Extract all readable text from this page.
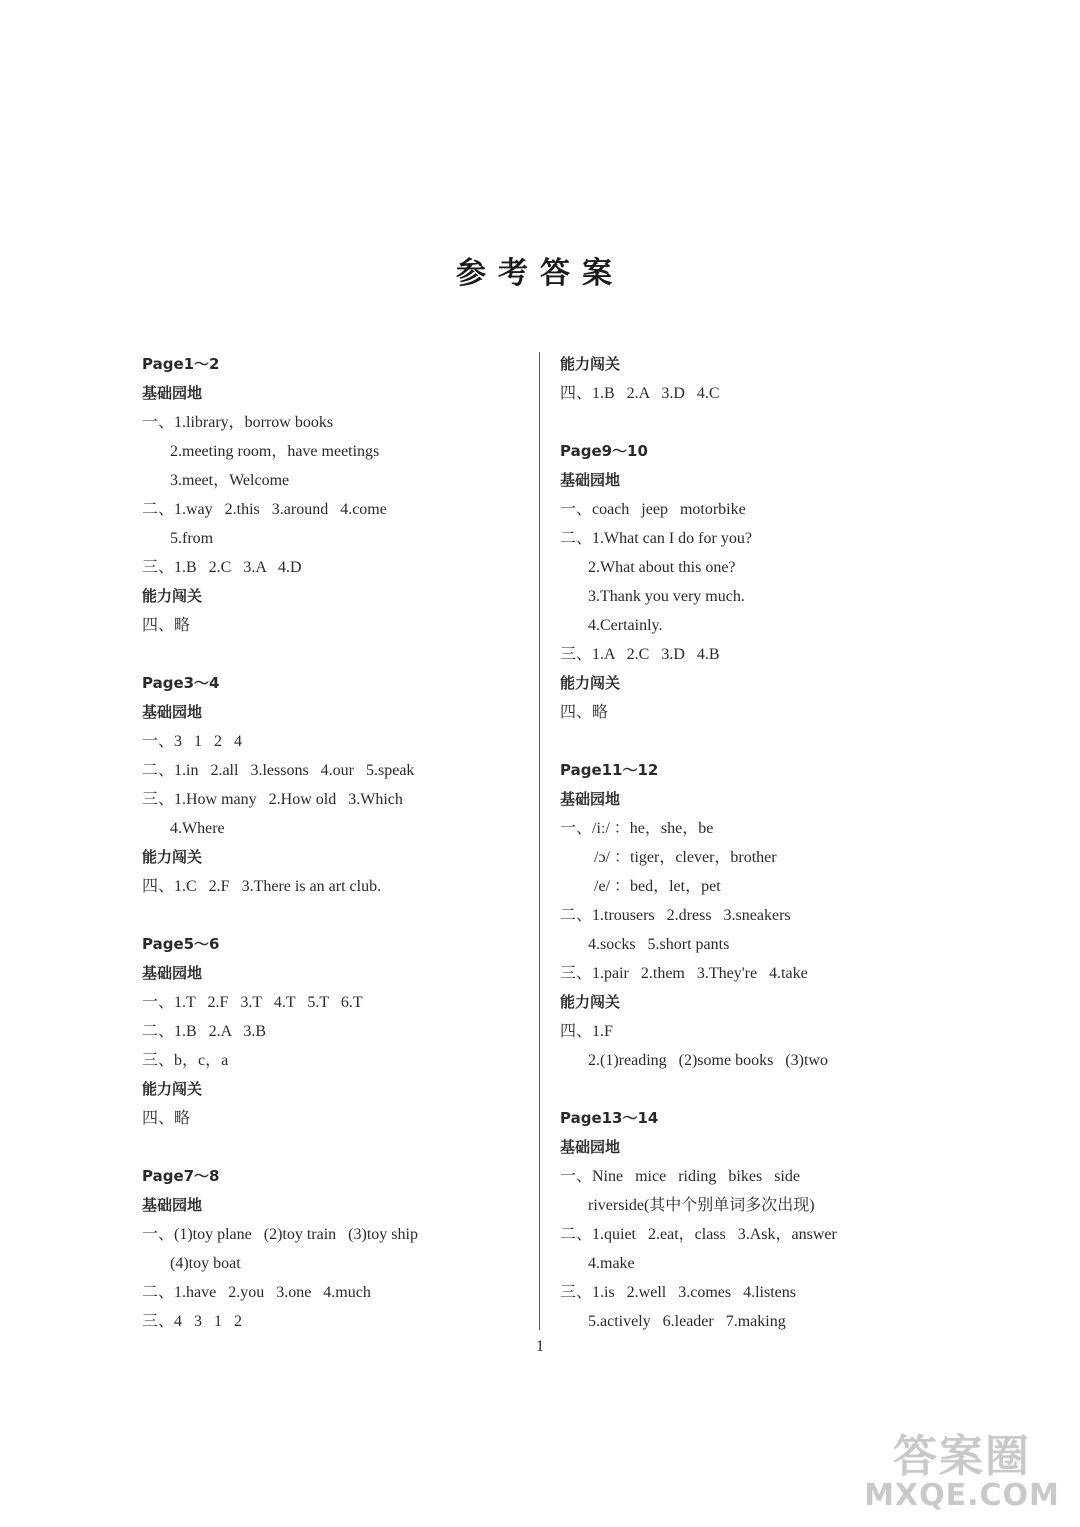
参考答案
Page1～2
基础园地
一、1.library，borrow books
2.meeting room，have meetings
3.meet，Welcome
二、1.way   2.this   3.around   4.come
5.from
三、1.B   2.C   3.A   4.D
能力闯关
四、略
Page3～4
基础园地
一、3   1   2   4
二、1.in   2.all   3.lessons   4.our   5.speak
三、1.How many   2.How old   3.Which
4.Where
能力闯关
四、1.C   2.F   3.There is an art club.
Page5～6
基础园地
一、1.T   2.F   3.T   4.T   5.T   6.T
二、1.B   2.A   3.B
三、b，c，a
能力闯关
四、略
Page7～8
基础园地
一、(1)toy plane   (2)toy train   (3)toy ship
(4)toy boat
二、1.have   2.you   3.one   4.much
三、4   3   1   2
能力闯关
四、1.B   2.A   3.D   4.C
Page9～10
基础园地
一、coach   jeep   motorbike
二、1.What can I do for you?
2.What about this one?
3.Thank you very much.
4.Certainly.
三、1.A   2.C   3.D   4.B
能力闯关
四、略
Page11～12
基础园地
一、/iː/ ：he，she，be
/ɔ/ ：tiger，clever，brother
/e/ ：bed，let，pet
二、1.trousers   2.dress   3.sneakers
4.socks   5.short pants
三、1.pair   2.them   3.They're   4.take
能力闯关
四、1.F
2.(1)reading   (2)some books   (3)two
Page13～14
基础园地
一、Nine   mice   riding   bikes   side
riverside(其中个别单词多次出现)
二、1.quiet   2.eat，class   3.Ask，answer
4.make
三、1.is   2.well   3.comes   4.listens
5.actively   6.leader   7.making
1
答案圈
MXQE.COM
